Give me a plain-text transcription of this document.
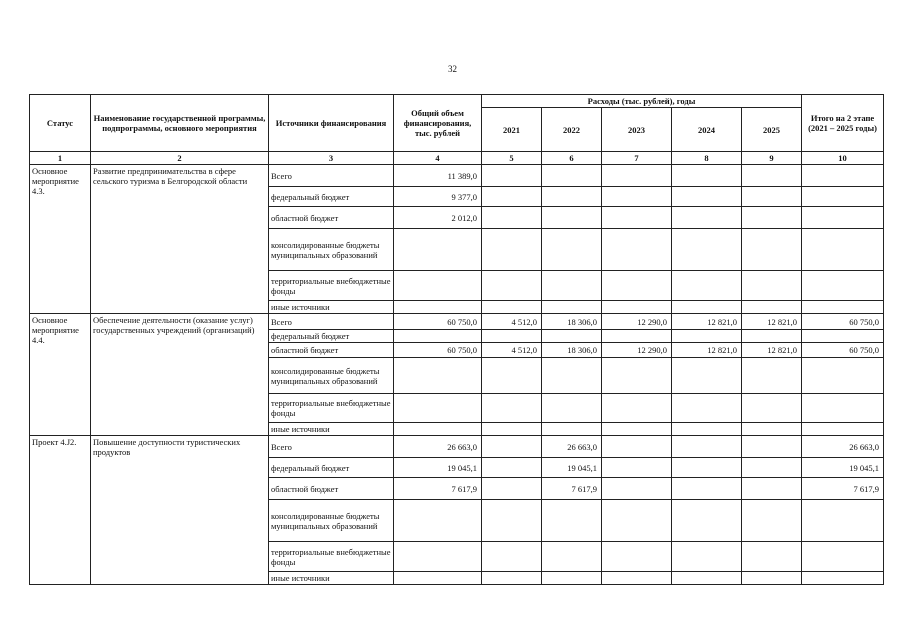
32
Статус	Наименование государственной программы, подпрограммы, основного мероприятия	Источники финансирования	Общий объем финансирования, тыс. рублей	Расходы (тыс. рублей), годы					Итого на 2 этапе (2021 – 2025 годы)
				2021	2022	2023	2024	2025	
1	2	3	4	5	6	7	8	9	10
Основное мероприятие 4.3.	Развитие предпринимательства в сфере сельского туризма в Белгородской области	Всего	11 389,0						
		федеральный бюджет	9 377,0						
		областной бюджет	2 012,0						
		консолидированные бюджеты муниципальных образований							
		территориальные внебюджетные фонды							
		иные источники							
Основное мероприятие 4.4.	Обеспечение деятельности (оказание услуг) государственных учреждений (организаций)	Всего	60 750,0	4 512,0	18 306,0	12 290,0	12 821,0	12 821,0	60 750,0
		федеральный бюджет							
		областной бюджет	60 750,0	4 512,0	18 306,0	12 290,0	12 821,0	12 821,0	60 750,0
		консолидированные бюджеты муниципальных образований							
		территориальные внебюджетные фонды							
		иные источники							
Проект 4.J2.	Повышение доступности туристических продуктов	Всего	26 663,0		26 663,0				26 663,0
		федеральный бюджет	19 045,1		19 045,1				19 045,1
		областной бюджет	7 617,9		7 617,9				7 617,9
		консолидированные бюджеты муниципальных образований							
		территориальные внебюджетные фонды							
		иные источники							
